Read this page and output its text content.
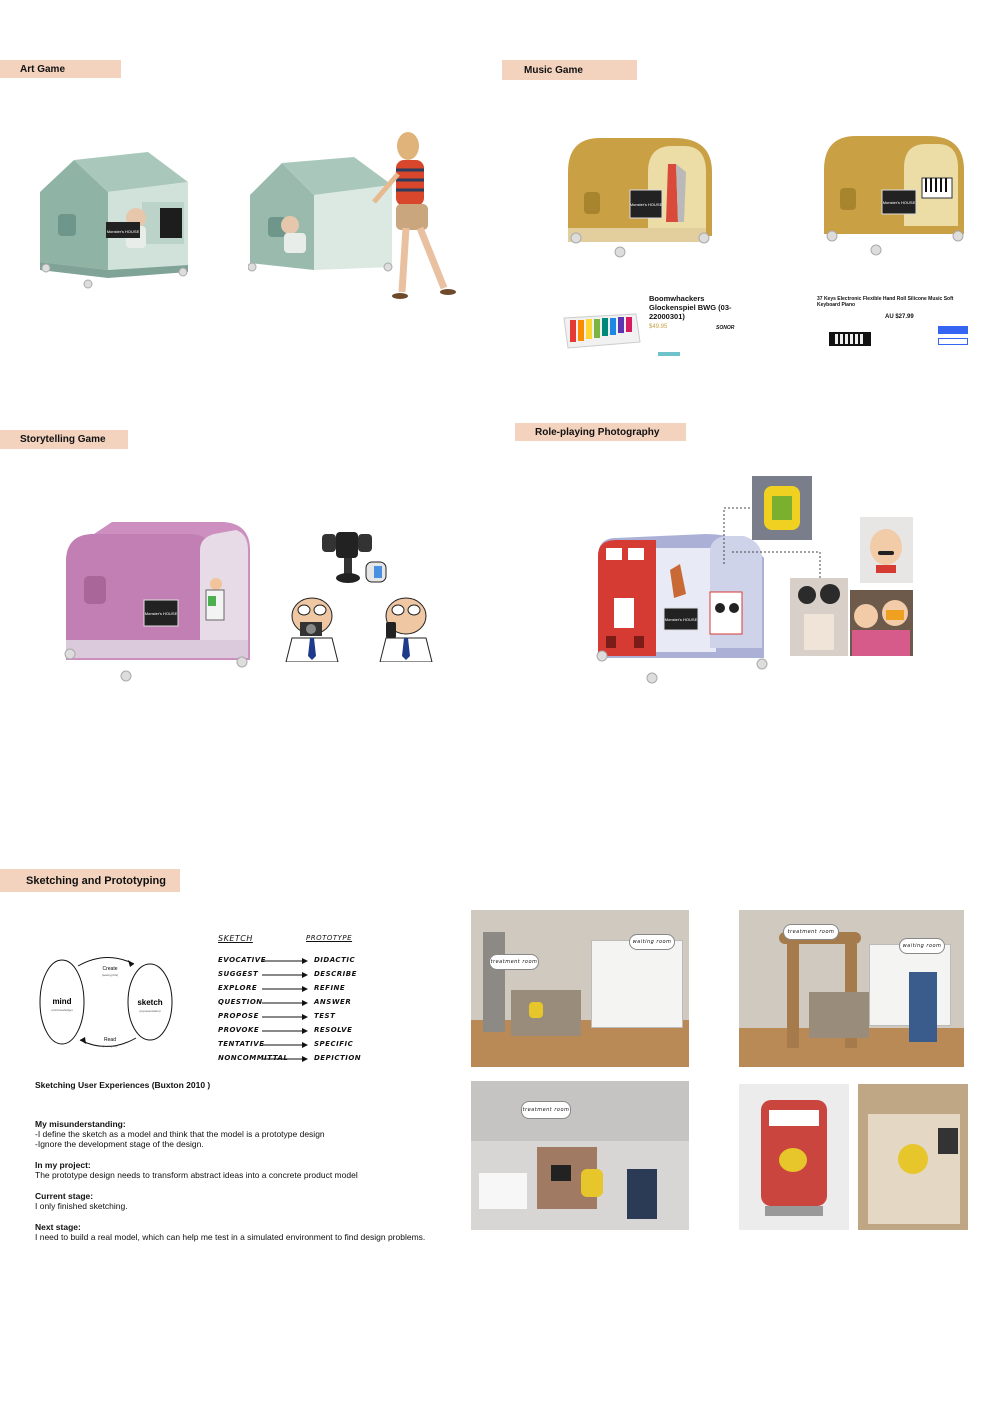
Art Game	Music Game
Storytelling Game
Role-playing Photography
Sketching and Prototyping
Monster's HOUSE
Monster's HOUSE	Monster's HOUSE
Boomwhackers Glockenspiel BWG (03-22000301)
$49.95	SONOR
37 Keys Electronic Flexible Hand Roll Silicone Music Soft Keyboard Piano
AU $27.99
Monster's HOUSE
Monster's HOUSE
mind
(old knowledge)
sketch
(representation)
Create
(seeing this)
Read
(seeing as)
SKETCH	PROTOTYPE
EVOCATIVE	DIDACTIC
SUGGEST	DESCRIBE
EXPLORE	REFINE
QUESTION	ANSWER
PROPOSE	TEST
PROVOKE	RESOLVE
TENTATIVE	SPECIFIC
NONCOMMITTAL	DEPICTION
Sketching User Experiences (Buxton 2010 )
My misunderstanding:
-I define the sketch as a model and think that the model is a prototype design
-Ignore the development stage of the design.
In my project:
The prototype design needs to transform abstract ideas into a concrete product model
Current stage:
I only finished sketching.
Next stage:
I need to build a real model, which can help me test in a simulated environment to find design problems.
treatment room
waiting room
treatment room
waiting room
treatment room
